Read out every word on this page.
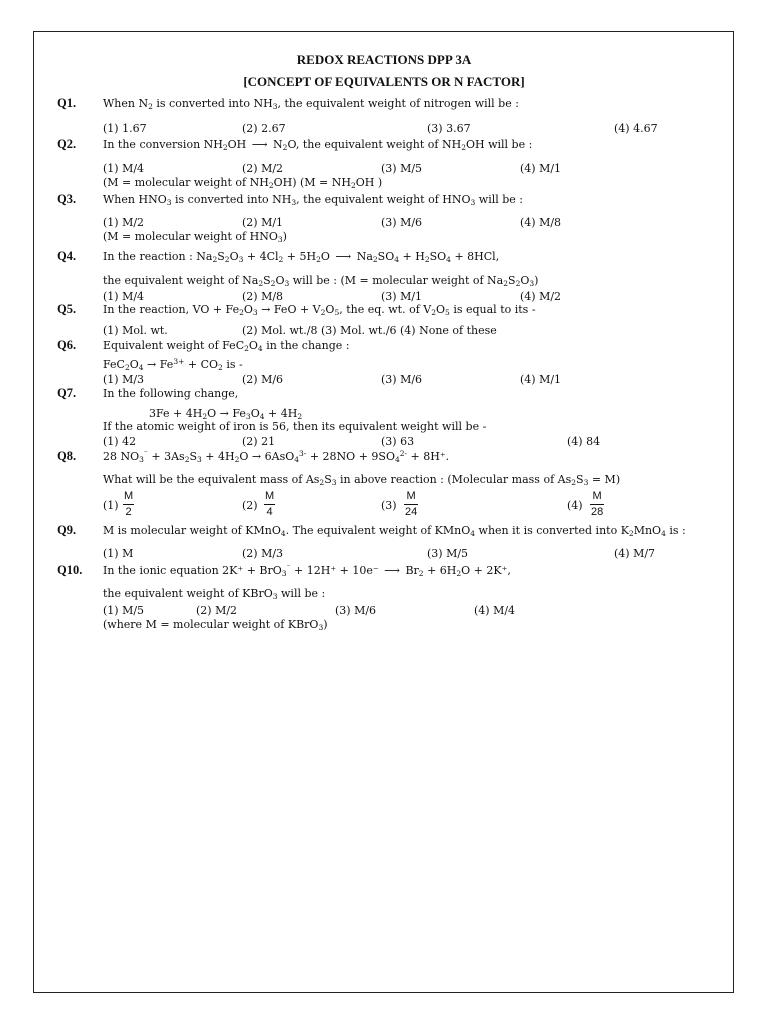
REDOX REACTIONS DPP 3A
[CONCEPT OF EQUIVALENTS OR N FACTOR]
Q1. When $N_2$ is converted into $NH_3$, the equivalent weight of nitrogen will be :
(1) 1.67	(2) 2.67	(3) 3.67	(4) 4.67
Q2. In the conversion $NH_2OH$ ⟶ $N_2O$, the equivalent weight of $NH_2OH$ will be :
(1) M/4	(2) M/2	(3) M/5	(4) M/1
(M = molecular weight of $NH_2OH$) ($M = NH_2OH$ )
Q3. When $HNO_3$ is converted into $NH_3$, the equivalent weight of $HNO_3$ will be :
(1) M/2	(2) M/1	(3) M/6	(4) M/8
(M = molecular weight of $HNO_3$)
Q4. In the reaction : $Na_2S_2O_3 + 4Cl_2 + 5H_2O$ ⟶ $Na_2SO_4 + H_2SO_4 + 8HCl$,
the equivalent weight of $Na_2S_2O_3$ will be : (M = molecular weight of $Na_2S_2O_3$)
(1) M/4	(2) M/8	(3) M/1	(4) M/2
Q5. In the reaction, VO + $Fe_2O_3$ → FeO + $V_2O_5$, the eq. wt. of $V_2O_5$ is equal to its -
(1) Mol. wt.	(2) Mol. wt./8 (3) Mol. wt./6 (4) None of these
Q6. Equivalent weight of $FeC_2O_4$ in the change :
$FeC_2O_4 \to Fe^{3+} + CO_2$ is -
(1) M/3	(2) M/6	(3) M/6	(4) M/1
Q7. In the following change,
$3Fe + 4H_2O \to Fe_3O_4 + 4H_2$
If the atomic weight of iron is 56, then its equivalent weight will be -
(1) 42	(2) 21	(3) 63	(4) 84
Q8. 28 $NO_3^{^-} + 3As_2S_3 + 4H_2O \to 6AsO_4^{3-} + 28NO + 9SO_4^{2-} + 8H^+$.
What will be the equivalent mass of $As_2S_3$ in above reaction : (Molecular mass of $As_2S_3 = M$)
(1)
M
2	(2)
M
4	(3)
M
24	(4)
M
28
Q9. M is molecular weight of KMnO$_4$. The equivalent weight of KMnO$_4$ when it is converted into $K_2MnO_4$ is :
(1) M	(2) M/3	(3) M/5	(4) M/7
Q10. In the ionic equation 2K⁺ + BrO$_3$⁻ + 12H⁺ + 10e⁻ ⟶ $Br_2 + 6H_2O + 2K^+$,
the equivalent weight of KBrO$_3$ will be :
(1) M/5	(2) M/2	(3) M/6	(4) M/4
(where M = molecular weight of KBrO$_3$)
